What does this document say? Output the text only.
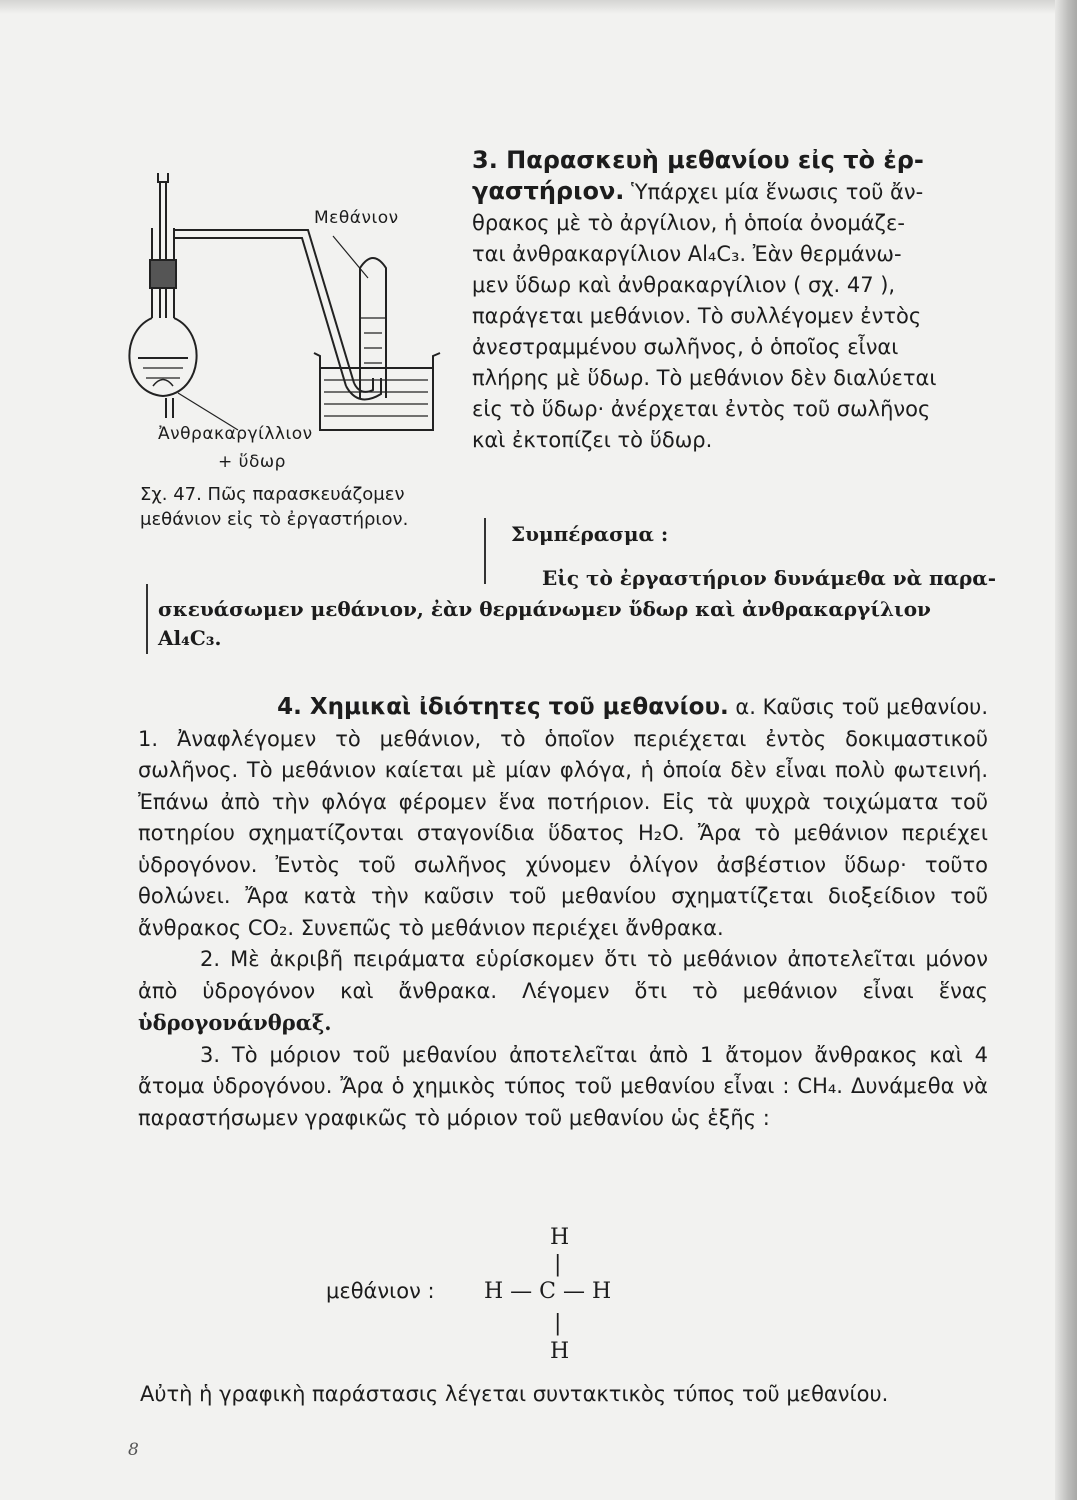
Μεθάνιον
Ἀνθρακαργίλλιον
+ ὕδωρ
Σχ. 47. Πῶς παρασκευάζομεν
μεθάνιον εἰς τὸ ἐργαστήριον.
3. Παρασκευὴ μεθανίου εἰς τὸ ἐρ-
γαστήριον. Ὑπάρχει μία ἕνωσις τοῦ ἄν-
θρακος μὲ τὸ ἀργίλιον, ἡ ὁποία ὀνομάζε-
ται ἀνθρακαργίλιον Al₄C₃. Ἐὰν θερμάνω-
μεν ὕδωρ καὶ ἀνθρακαργίλιον ( σχ. 47 ),
παράγεται μεθάνιον. Τὸ συλλέγομεν ἐντὸς
ἀνεστραμμένου σωλῆνος, ὁ ὁποῖος εἶναι
πλήρης μὲ ὕδωρ. Τὸ μεθάνιον δὲν διαλύεται
εἰς τὸ ὕδωρ· ἀνέρχεται ἐντὸς τοῦ σωλῆνος
καὶ ἐκτοπίζει τὸ ὕδωρ.
Συμπέρασμα :
Εἰς τὸ ἐργαστήριον δυνάμεθα νὰ παρα-
σκευάσωμεν μεθάνιον, ἐὰν θερμάνωμεν ὕδωρ καὶ ἀνθρακαργίλιον
Al₄C₃.
4. Χημικαὶ ἰδιότητες τοῦ μεθανίου. α. Καῦσις τοῦ μεθανίου.

1. Ἀναφλέγομεν τὸ μεθάνιον, τὸ ὁποῖον περιέχεται ἐντὸς δοκιμαστικοῦ σωλῆνος. Τὸ μεθάνιον καίεται μὲ μίαν φλόγα, ἡ ὁποία δὲν εἶναι πολὺ φωτεινή. Ἐπάνω ἀπὸ τὴν φλόγα φέρομεν ἕνα ποτήριον. Εἰς τὰ ψυχρὰ τοιχώματα τοῦ ποτηρίου σχηματίζονται σταγονίδια ὕδατος H₂O. Ἄρα τὸ μεθάνιον περιέχει ὑδρογόνον. Ἐντὸς τοῦ σωλῆνος χύνομεν ὀλίγον ἀσβέστιον ὕδωρ· τοῦτο θολώνει. Ἄρα κατὰ τὴν καῦσιν τοῦ μεθανίου σχηματίζεται διοξείδιον τοῦ ἄνθρακος CO₂. Συνεπῶς τὸ μεθάνιον περιέχει ἄνθρακα.

2. Μὲ ἀκριβῆ πειράματα εὑρίσκομεν ὅτι τὸ μεθάνιον ἀποτελεῖται μόνον ἀπὸ ὑδρογόνον καὶ ἄνθρακα. Λέγομεν ὅτι τὸ μεθάνιον εἶναι ἕνας ὑδρογονάνθραξ.

3. Τὸ μόριον τοῦ μεθανίου ἀποτελεῖται ἀπὸ 1 ἄτομον ἄνθρακος καὶ 4 ἄτομα ὑδρογόνου. Ἄρα ὁ χημικὸς τύπος τοῦ μεθανίου εἶναι : CH₄. Δυνάμεθα νὰ παραστήσωμεν γραφικῶς τὸ μόριον τοῦ μεθανίου ὡς ἑξῆς :

μεθάνιον :
H
|
H — C — H
|
H
Αὐτὴ ἡ γραφικὴ παράστασις λέγεται συντακτικὸς τύπος τοῦ μεθανίου.
8
